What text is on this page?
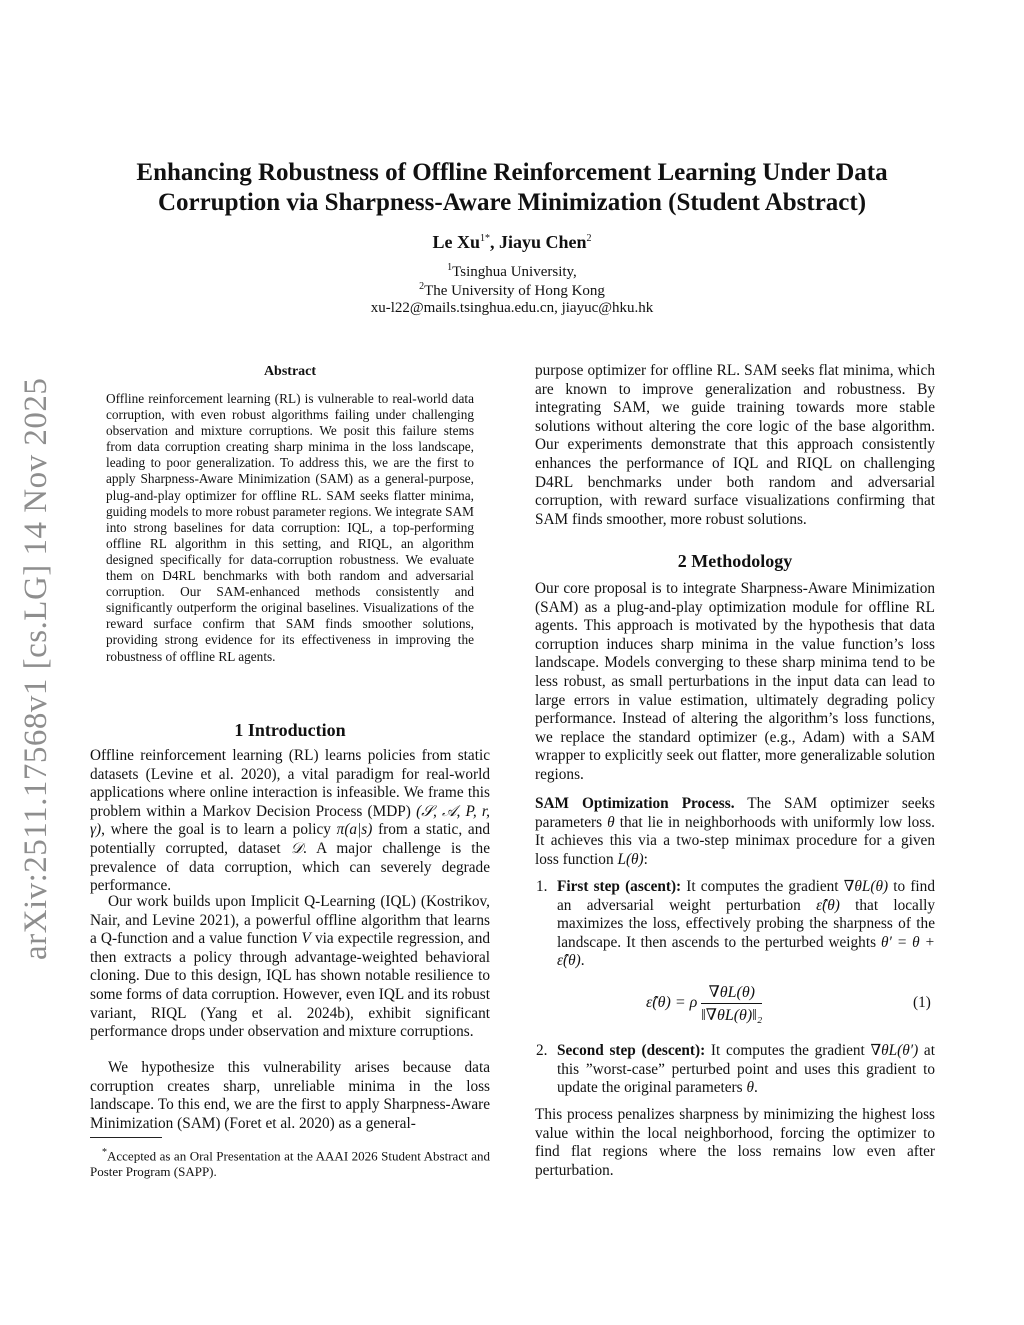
arXiv:2511.17568v1 [cs.LG] 14 Nov 2025
Enhancing Robustness of Offline Reinforcement Learning Under Data
Corruption via Sharpness-Aware Minimization (Student Abstract)
Le $Xu^{1*}$, Jiayu Chen$^2$
$^1$Tsinghua University,
$^2$The University of Hong Kong
xu-l22@mails.tsinghua.edu.cn, jiayuc@hku.hk
Abstract
Offline reinforcement learning (RL) is vulnerable to real-world data corruption, with even robust algorithms failing under challenging observation and mixture corruptions. We posit this failure stems from data corruption creating sharp minima in the loss landscape, leading to poor generalization. To address this, we are the first to apply Sharpness-Aware Minimization (SAM) as a general-purpose, plug-and-play optimizer for offline RL. SAM seeks flatter minima, guiding models to more robust parameter regions. We integrate SAM into strong baselines for data corruption: IQL, a top-performing offline RL algorithm in this setting, and RIQL, an algorithm designed specifically for data-corruption robustness. We evaluate them on D4RL benchmarks with both random and adversarial corruption. Our SAM-enhanced methods consistently and significantly outperform the original baselines. Visualizations of the reward surface confirm that SAM finds smoother solutions, providing strong evidence for its effectiveness in improving the robustness of offline RL agents.
1 Introduction
Offline reinforcement learning (RL) learns policies from static datasets (Levine et al. 2020), a vital paradigm for real-world applications where online interaction is infeasible. We frame this problem within a Markov Decision Process (MDP) (𝒮, 𝒜, P, r, γ), where the goal is to learn a policy π(a|s) from a static, and potentially corrupted, dataset 𝒟. A major challenge is the prevalence of data corruption, which can severely degrade performance.
Our work builds upon Implicit Q-Learning (IQL) (Kostrikov, Nair, and Levine 2021), a powerful offline algorithm that learns a Q-function and a value function V via expectile regression, and then extracts a policy through advantage-weighted behavioral cloning. Due to this design, IQL has shown notable resilience to some forms of data corruption. However, even IQL and its robust variant, RIQL (Yang et al. 2024b), exhibit significant performance drops under observation and mixture corruptions.
We hypothesize this vulnerability arises because data corruption creates sharp, unreliable minima in the loss landscape. To this end, we are the first to apply Sharpness-Aware Minimization (SAM) (Foret et al. 2020) as a general-
*Accepted as an Oral Presentation at the AAAI 2026 Student Abstract and Poster Program (SAPP).
purpose optimizer for offline RL. SAM seeks flat minima, which are known to improve generalization and robustness. By integrating SAM, we guide training towards more stable solutions without altering the core logic of the base algorithm. Our experiments demonstrate that this approach consistently enhances the performance of IQL and RIQL on challenging D4RL benchmarks under both random and adversarial corruption, with reward surface visualizations confirming that SAM finds smoother, more robust solutions.
2 Methodology
Our core proposal is to integrate Sharpness-Aware Minimization (SAM) as a plug-and-play optimization module for offline RL agents. This approach is motivated by the hypothesis that data corruption induces sharp minima in the value function’s loss landscape. Models converging to these sharp minima tend to be less robust, as small perturbations in the input data can lead to large errors in value estimation, ultimately degrading policy performance. Instead of altering the algorithm’s loss functions, we replace the standard optimizer (e.g., Adam) with a SAM wrapper to explicitly seek out flatter, more generalizable solution regions.
SAM Optimization Process. The SAM optimizer seeks parameters θ that lie in neighborhoods with uniformly low loss. It achieves this via a two-step minimax procedure for a given loss function L(θ):
1. First step (ascent): It computes the gradient ∇θL(θ) to find an adversarial weight perturbation ε̂(θ) that locally maximizes the loss, effectively probing the sharpness of the landscape. It then ascends to the perturbed weights θ′ = θ + ε̂(θ).
ε̂(θ) = ρ $\frac{\nabla\theta L(\theta)}{\text{‖∇θL(θ)‖₂}}$	(1)
2. Second step (descent): It computes the gradient ∇θL(θ′) at this ”worst-case” perturbed point and uses this gradient to update the original parameters θ.
This process penalizes sharpness by minimizing the highest loss value within the local neighborhood, forcing the optimizer to find flat regions where the loss remains low even after perturbation.
